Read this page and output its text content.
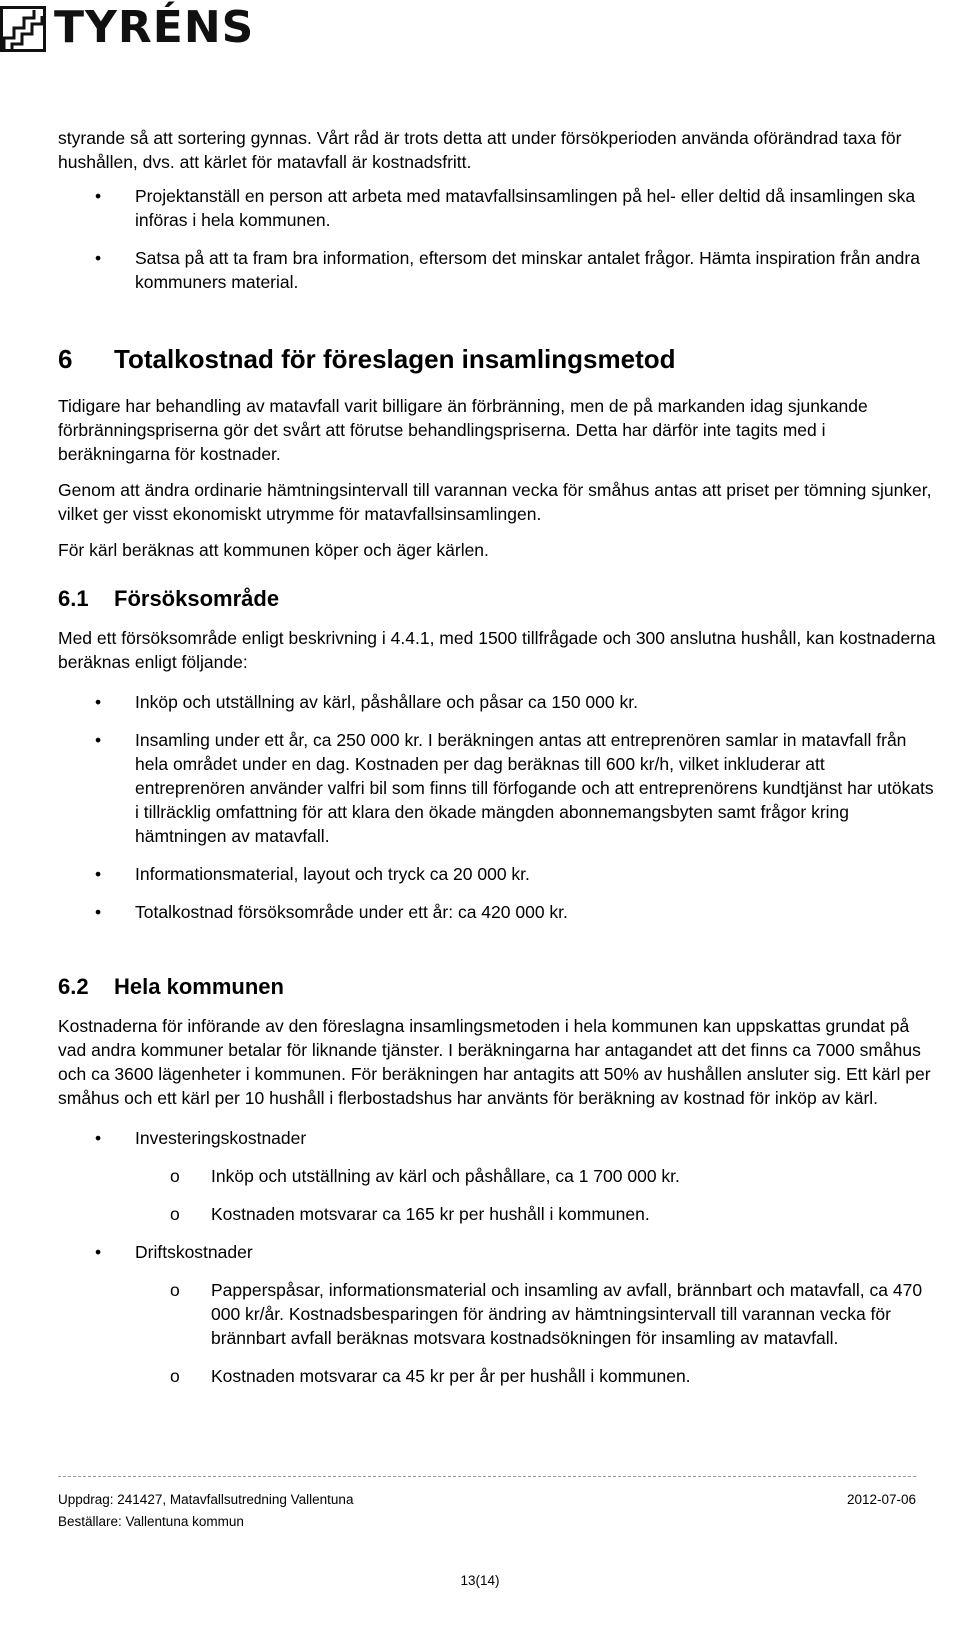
TYRÉNS

styrande så att sortering gynnas. Vårt råd är trots detta att under försökperioden använda oförändrad taxa för hushållen, dvs. att kärlet för matavfall är kostnadsfritt.

• Projektanställ en person att arbeta med matavfallsinsamlingen på hel- eller deltid då insamlingen ska införas i hela kommunen.
• Satsa på att ta fram bra information, eftersom det minskar antalet frågor. Hämta inspiration från andra kommuners material.
6 Totalkostnad för föreslagen insamlingsmetod

Tidigare har behandling av matavfall varit billigare än förbränning, men de på markanden idag sjunkande förbränningspriserna gör det svårt att förutse behandlingspriserna. Detta har därför inte tagits med i beräkningarna för kostnader.

Genom att ändra ordinarie hämtningsintervall till varannan vecka för småhus antas att priset per tömning sjunker, vilket ger visst ekonomiskt utrymme för matavfallsinsamlingen.

För kärl beräknas att kommunen köper och äger kärlen.

6.1 Försöksområde

Med ett försöksområde enligt beskrivning i 4.4.1, med 1500 tillfrågade och 300 anslutna hushåll, kan kostnaderna beräknas enligt följande:

• Inköp och utställning av kärl, påshållare och påsar ca 150 000 kr.
• Insamling under ett år, ca 250 000 kr. I beräkningen antas att entreprenören samlar in matavfall från hela området under en dag. Kostnaden per dag beräknas till 600 kr/h, vilket inkluderar att entreprenören använder valfri bil som finns till förfogande och att entreprenörens kundtjänst har utökats i tillräcklig omfattning för att klara den ökade mängden abonnemangsbyten samt frågor kring hämtningen av matavfall.
• Informationsmaterial, layout och tryck ca 20 000 kr.
• Totalkostnad försöksområde under ett år: ca 420 000 kr.
6.2 Hela kommunen

Kostnaderna för införande av den föreslagna insamlingsmetoden i hela kommunen kan uppskattas grundat på vad andra kommuner betalar för liknande tjänster. I beräkningarna har antagandet att det finns ca 7000 småhus och ca 3600 lägenheter i kommunen. För beräkningen har antagits att 50% av hushållen ansluter sig. Ett kärl per småhus och ett kärl per 10 hushåll i flerbostadshus har använts för beräkning av kostnad för inköp av kärl.

• Investeringskostnader
o Inköp och utställning av kärl och påshållare, ca 1 700 000 kr.
o Kostnaden motsvarar ca 165 kr per hushåll i kommunen.
• Driftskostnader
o Papperspåsar, informationsmaterial och insamling av avfall, brännbart och matavfall, ca 470 000 kr/år. Kostnadsbesparingen för ändring av hämtningsintervall till varannan vecka för brännbart avfall beräknas motsvara kostnadsökningen för insamling av matavfall.
o Kostnaden motsvarar ca 45 kr per år per hushåll i kommunen.
Uppdrag: 241427, Matavfallsutredning Vallentuna
Beställare: Vallentuna kommun
2012-07-06
13(14)
